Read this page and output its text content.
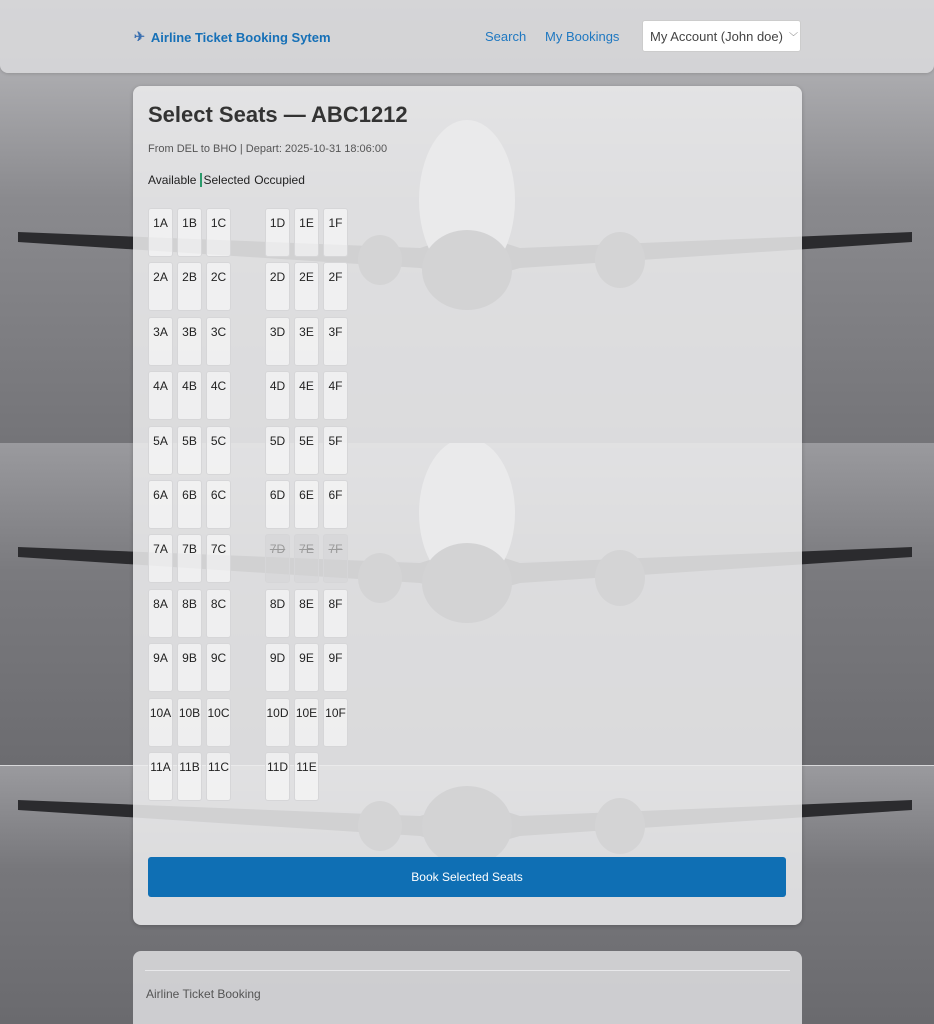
✈ Airline Ticket Booking Sytem	Search My Bookings My Account (John doe) ﹀
Select Seats — ABC1212
From DEL to BHO | Depart: 2025-10-31 18:06:00
Available Selected Occupied
1A	1B	1C	1D	1E	1F
2A	2B	2C	2D	2E	2F
3A	3B	3C	3D	3E	3F
4A	4B	4C	4D	4E	4F
5A	5B	5C	5D	5E	5F
6A	6B	6C	6D	6E	6F
7A	7B	7C	7D	7E	7F
8A	8B	8C	8D	8E	8F
9A	9B	9C	9D	9E	9F
10A 10B 10C	10D 10E 10F
11A 11B 11C	11D 11E
Book Selected Seats
Airline Ticket Booking
